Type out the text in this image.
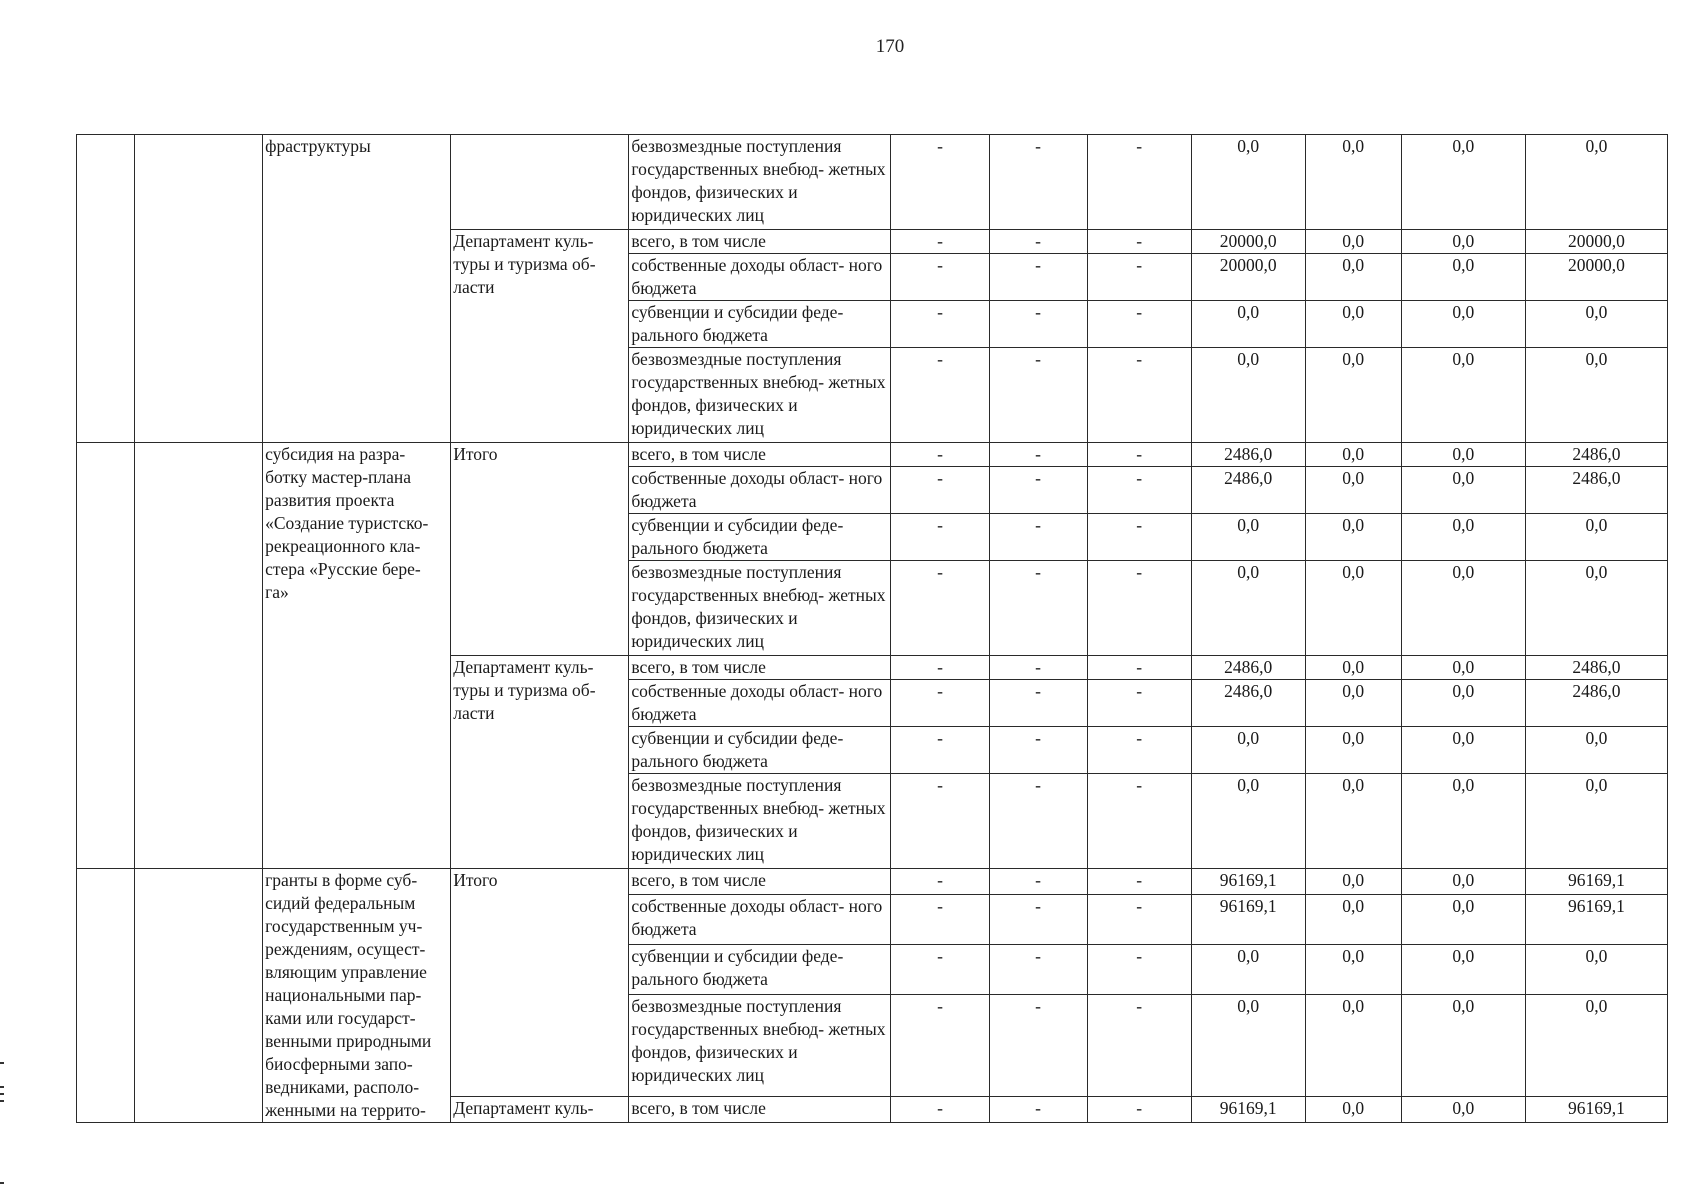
170
		фраструктуры		безвозмездные поступления государственных внебюд- жетных фондов, физических и юридических лиц	-	-	-	0,0	0,0	0,0	0,0
			Департамент куль- туры и туризма об- ласти	всего, в том числе	-	-	-	20000,0	0,0	0,0	20000,0
				собственные доходы област- ного бюджета	-	-	-	20000,0	0,0	0,0	20000,0
				субвенции и субсидии феде- рального бюджета	-	-	-	0,0	0,0	0,0	0,0
				безвозмездные поступления государственных внебюд- жетных фондов, физических и юридических лиц	-	-	-	0,0	0,0	0,0	0,0
		субсидия на разра- ботку мастер-плана развития проекта «Создание туристско- рекреационного кла- стера «Русские бере- га»	Итого	всего, в том числе	-	-	-	2486,0	0,0	0,0	2486,0
				собственные доходы област- ного бюджета	-	-	-	2486,0	0,0	0,0	2486,0
				субвенции и субсидии феде- рального бюджета	-	-	-	0,0	0,0	0,0	0,0
				безвозмездные поступления государственных внебюд- жетных фондов, физических и юридических лиц	-	-	-	0,0	0,0	0,0	0,0
			Департамент куль- туры и туризма об- ласти	всего, в том числе	-	-	-	2486,0	0,0	0,0	2486,0
				собственные доходы област- ного бюджета	-	-	-	2486,0	0,0	0,0	2486,0
				субвенции и субсидии феде- рального бюджета	-	-	-	0,0	0,0	0,0	0,0
				безвозмездные поступления государственных внебюд- жетных фондов, физических и юридических лиц	-	-	-	0,0	0,0	0,0	0,0
		гранты в форме суб- сидий федеральным государственным уч- реждениям, осущест- вляющим управление национальными пар- ками или государст- венными природными биосферными запо- ведниками, располо- женными на террито-	Итого	всего, в том числе	-	-	-	96169,1	0,0	0,0	96169,1
				собственные доходы област- ного бюджета	-	-	-	96169,1	0,0	0,0	96169,1
				субвенции и субсидии феде- рального бюджета	-	-	-	0,0	0,0	0,0	0,0
				безвозмездные поступления государственных внебюд- жетных фондов, физических и юридических лиц	-	-	-	0,0	0,0	0,0	0,0
			Департамент куль-	всего, в том числе	-	-	-	96169,1	0,0	0,0	96169,1
